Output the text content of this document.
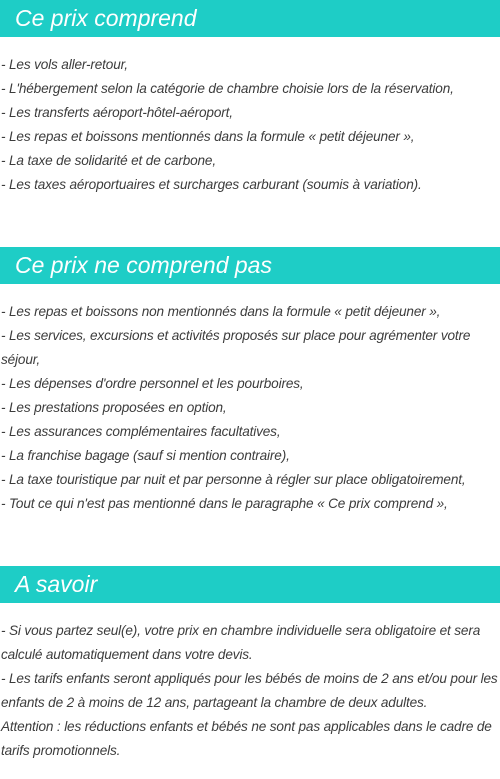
Ce prix comprend
- Les vols aller-retour,
- L'hébergement selon la catégorie de chambre choisie lors de la réservation,
- Les transferts aéroport-hôtel-aéroport,
- Les repas et boissons mentionnés dans la formule « petit déjeuner »,
- La taxe de solidarité et de carbone,
- Les taxes aéroportuaires et surcharges carburant (soumis à variation).
Ce prix ne comprend pas
- Les repas et boissons non mentionnés dans la formule « petit déjeuner »,
- Les services, excursions et activités proposés sur place pour agrémenter votre séjour,
- Les dépenses d'ordre personnel et les pourboires,
- Les prestations proposées en option,
- Les assurances complémentaires facultatives,
- La franchise bagage (sauf si mention contraire),
- La taxe touristique par nuit et par personne à régler sur place obligatoirement,
- Tout ce qui n'est pas mentionné dans le paragraphe « Ce prix comprend »,
A savoir
- Si vous partez seul(e), votre prix en chambre individuelle sera obligatoire et sera calculé automatiquement dans votre devis.
- Les tarifs enfants seront appliqués pour les bébés de moins de 2 ans et/ou pour les enfants de 2 à moins de 12 ans, partageant la chambre de deux adultes.
Attention : les réductions enfants et bébés ne sont pas applicables dans le cadre de tarifs promotionnels.
